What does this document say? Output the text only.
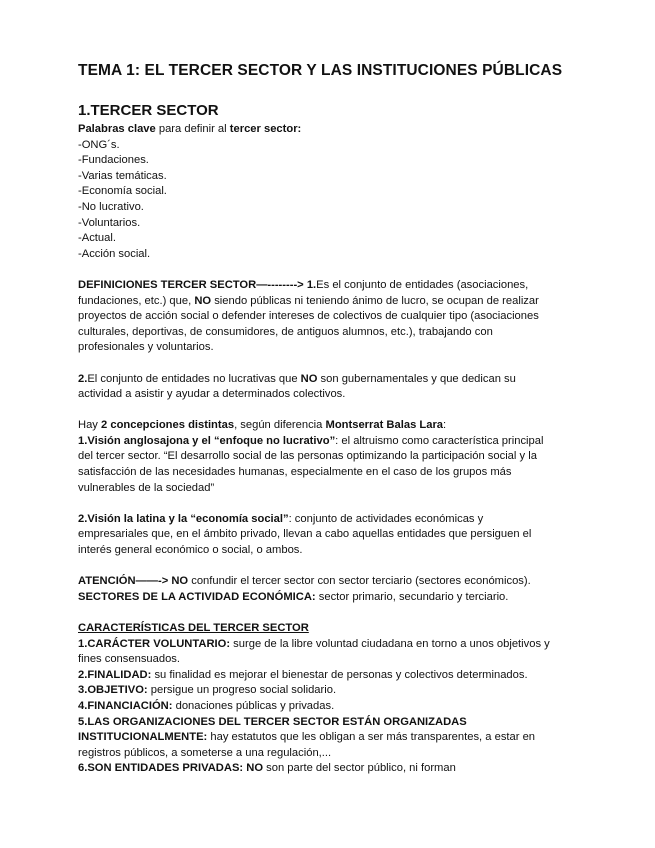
TEMA 1: EL TERCER SECTOR Y LAS INSTITUCIONES PÚBLICAS
1.TERCER SECTOR
Palabras clave para definir al tercer sector:
-ONG´s.
-Fundaciones.
-Varias temáticas.
-Economía social.
-No lucrativo.
-Voluntarios.
-Actual.
-Acción social.
DEFINICIONES TERCER SECTOR—--------> 1.Es el conjunto de entidades (asociaciones,
fundaciones, etc.) que, NO siendo públicas ni teniendo ánimo de lucro, se ocupan de realizar
proyectos de acción social o defender intereses de colectivos de cualquier tipo (asociaciones
culturales, deportivas, de consumidores, de antiguos alumnos, etc.), trabajando con
profesionales y voluntarios.
2.El conjunto de entidades no lucrativas que NO son gubernamentales y que dedican su
actividad a asistir y ayudar a determinados colectivos.
Hay 2 concepciones distintas, según diferencia Montserrat Balas Lara:
1.Visión anglosajona y el “enfoque no lucrativo”: el altruismo como característica principal
del tercer sector. “El desarrollo social de las personas optimizando la participación social y la
satisfacción de las necesidades humanas, especialmente en el caso de los grupos más
vulnerables de la sociedad”
2.Visión la latina y la “economía social”: conjunto de actividades económicas y
empresariales que, en el ámbito privado, llevan a cabo aquellas entidades que persiguen el
interés general económico o social, o ambos.
ATENCIÓN——-> NO confundir el tercer sector con sector terciario (sectores económicos).
SECTORES DE LA ACTIVIDAD ECONÓMICA: sector primario, secundario y terciario.
CARACTERÍSTICAS DEL TERCER SECTOR
1.CARÁCTER VOLUNTARIO: surge de la libre voluntad ciudadana en torno a unos objetivos y
fines consensuados.
2.FINALIDAD: su finalidad es mejorar el bienestar de personas y colectivos determinados.
3.OBJETIVO: persigue un progreso social solidario.
4.FINANCIACIÓN: donaciones públicas y privadas.
5.LAS ORGANIZACIONES DEL TERCER SECTOR ESTÁN ORGANIZADAS
INSTITUCIONALMENTE: hay estatutos que les obligan a ser más transparentes, a estar en
registros públicos, a someterse a una regulación,...
6.SON ENTIDADES PRIVADAS: NO son parte del sector público, ni forman
